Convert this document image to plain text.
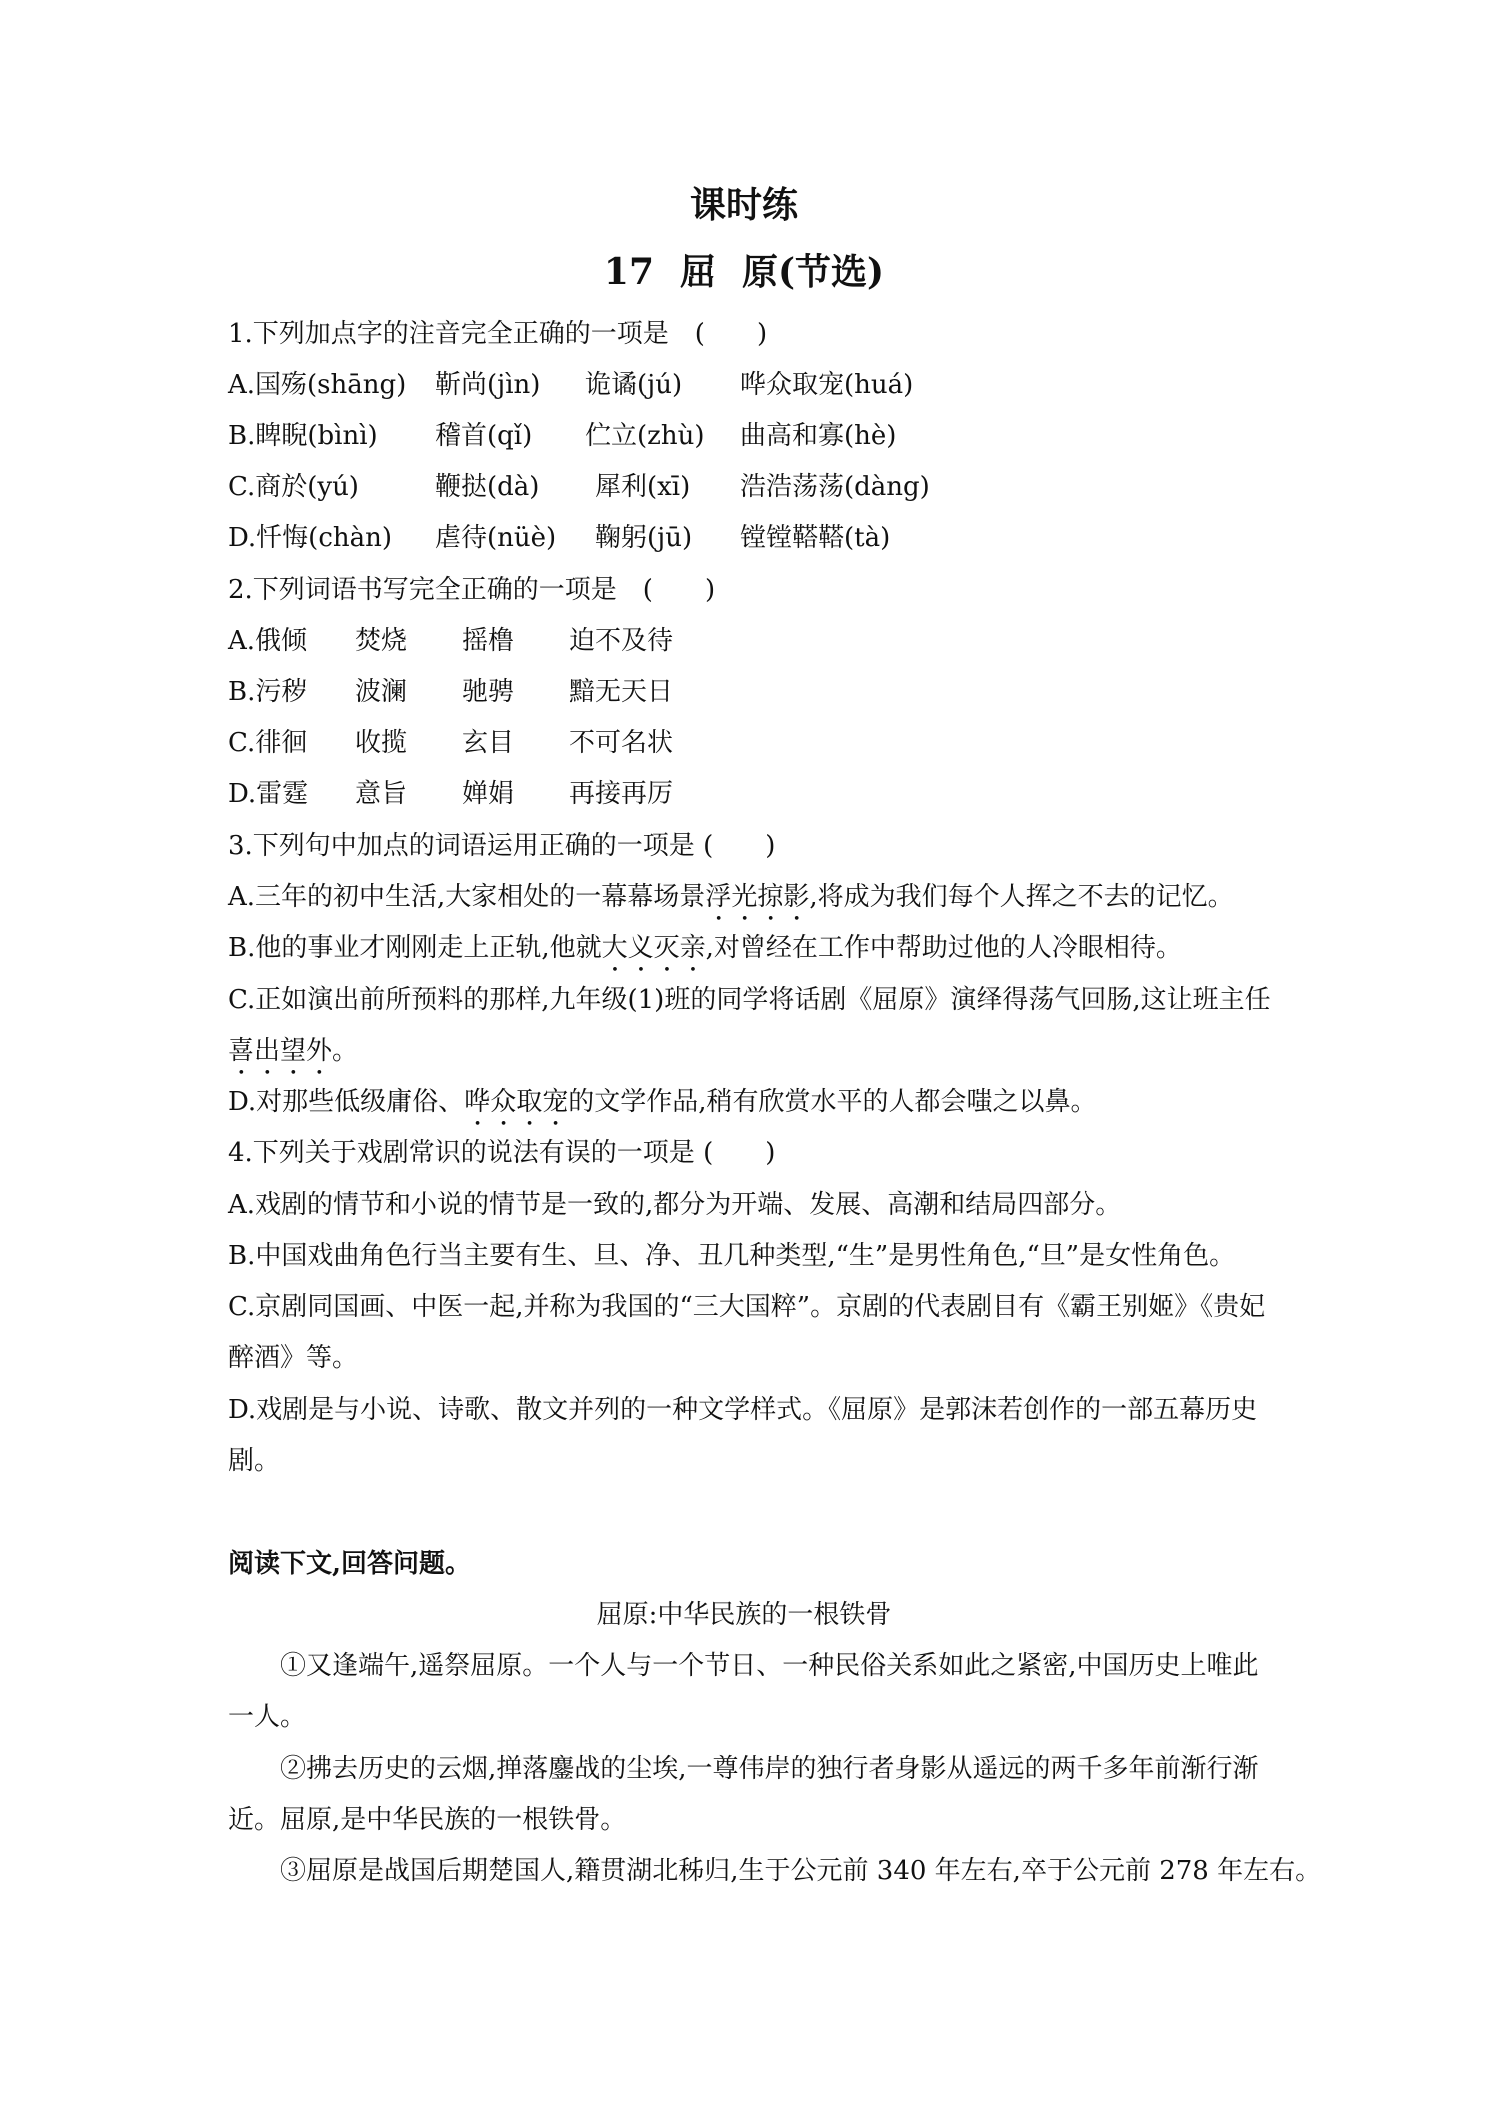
课时练
17 屈 原(节选)
1.下列加点字的注音完全正确的一项是　(　　)
A.国殇(shāng) 靳尚(jìn) 诡谲(jú) 哗众取宠(huá)
B.睥睨(bìnì) 稽首(qǐ) 伫立(zhù) 曲高和寡(hè)
C.商於(yú)	鞭挞(dà) 犀利(xī) 浩浩荡荡(dàng)
D.忏悔(chàn) 虐待(nüè) 鞠躬(jū) 镗镗鞳鞳(tà)
2.下列词语书写完全正确的一项是　(　　)
A.俄倾 焚烧 摇橹 迫不及待
B.污秽 波澜 驰骋 黯无天日
C.徘徊 收揽 玄目 不可名状
D.雷霆 意旨 婵娟 再接再厉
3.下列句中加点的词语运用正确的一项是 (　　)
A.三年的初中生活,大家相处的一幕幕场景浮光掠影,将成为我们每个人挥之不去的记忆。
B.他的事业才刚刚走上正轨,他就大义灭亲,对曾经在工作中帮助过他的人冷眼相待。
C.正如演出前所预料的那样,九年级(1)班的同学将话剧《屈原》演绎得荡气回肠,这让班主任
喜出望外。
D.对那些低级庸俗、哗众取宠的文学作品,稍有欣赏水平的人都会嗤之以鼻。
4.下列关于戏剧常识的说法有误的一项是 (　　)
A.戏剧的情节和小说的情节是一致的,都分为开端、发展、高潮和结局四部分。
B.中国戏曲角色行当主要有生、旦、净、丑几种类型,“生”是男性角色,“旦”是女性角色。
C.京剧同国画、中医一起,并称为我国的“三大国粹”。京剧的代表剧目有《霸王别姬》《贵妃
醉酒》等。
D.戏剧是与小说、诗歌、散文并列的一种文学样式。《屈原》是郭沫若创作的一部五幕历史
剧。
阅读下文,回答问题。
屈原:中华民族的一根铁骨
①又逢端午,遥祭屈原。一个人与一个节日、一种民俗关系如此之紧密,中国历史上唯此
一人。
②拂去历史的云烟,掸落鏖战的尘埃,一尊伟岸的独行者身影从遥远的两千多年前渐行渐
近。屈原,是中华民族的一根铁骨。
③屈原是战国后期楚国人,籍贯湖北秭归,生于公元前 340 年左右,卒于公元前 278 年左右。
